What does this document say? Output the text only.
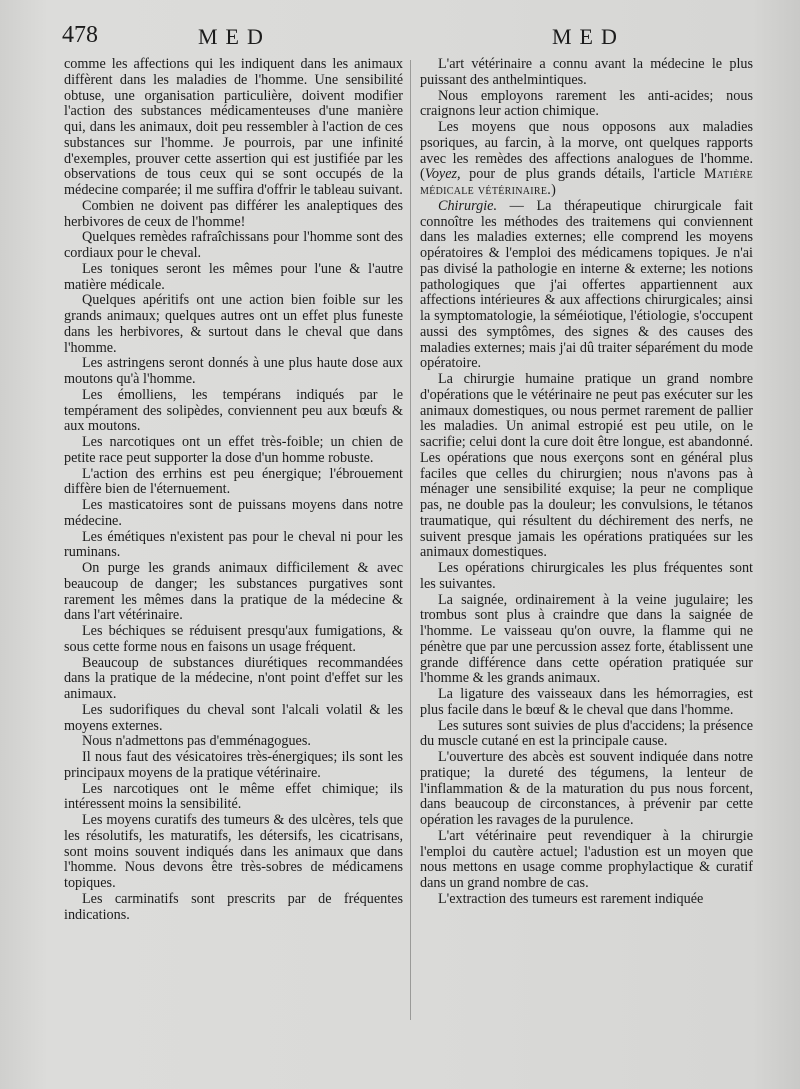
478	MED	MED

comme les affections qui les indiquent dans les animaux diffèrent dans les maladies de l'homme. Une sensibilité obtuse, une organisation particulière, doivent modifier l'action des substances médicamenteuses d'une manière qui, dans les animaux, doit peu ressembler à l'action de ces substances sur l'homme. Je pourrois, par une infinité d'exemples, prouver cette assertion qui est justifiée par les observations de tous ceux qui se sont occupés de la médecine comparée; il me suffira d'offrir le tableau suivant.

Combien ne doivent pas différer les analeptiques des herbivores de ceux de l'homme!

Quelques remèdes rafraîchissans pour l'homme sont des cordiaux pour le cheval.

Les toniques seront les mêmes pour l'une & l'autre matière médicale.

Quelques apéritifs ont une action bien foible sur les grands animaux; quelques autres ont un effet plus funeste dans les herbivores, & surtout dans le cheval que dans l'homme.

Les astringens seront donnés à une plus haute dose aux moutons qu'à l'homme.

Les émolliens, les tempérans indiqués par le tempérament des solipèdes, conviennent peu aux bœufs & aux moutons.

Les narcotiques ont un effet très-foible; un chien de petite race peut supporter la dose d'un homme robuste.

L'action des errhins est peu énergique; l'ébrouement diffère bien de l'éternuement.

Les masticatoires sont de puissans moyens dans notre médecine.

Les émétiques n'existent pas pour le cheval ni pour les ruminans.

On purge les grands animaux difficilement & avec beaucoup de danger; les substances purgatives sont rarement les mêmes dans la pratique de la médecine & dans l'art vétérinaire.

Les béchiques se réduisent presqu'aux fumigations, & sous cette forme nous en faisons un usage fréquent.

Beaucoup de substances diurétiques recommandées dans la pratique de la médecine, n'ont point d'effet sur les animaux.

Les sudorifiques du cheval sont l'alcali volatil & les moyens externes.

Nous n'admettons pas d'emménagogues.

Il nous faut des vésicatoires très-énergiques; ils sont les principaux moyens de la pratique vétérinaire.

Les narcotiques ont le même effet chimique; ils intéressent moins la sensibilité.

Les moyens curatifs des tumeurs & des ulcères, tels que les résolutifs, les maturatifs, les détersifs, les cicatrisans, sont moins souvent indiqués dans les animaux que dans l'homme. Nous devons être très-sobres de médicamens topiques.

Les carminatifs sont prescrits par de fréquentes indications.

L'art vétérinaire a connu avant la médecine le plus puissant des anthelmintiques.

Nous employons rarement les anti-acides; nous craignons leur action chimique.

Les moyens que nous opposons aux maladies psoriques, au farcin, à la morve, ont quelques rapports avec les remèdes des affections analogues de l'homme. (Voyez, pour de plus grands détails, l'article Matière médicale vétérinaire.)

Chirurgie. — La thérapeutique chirurgicale fait connoître les méthodes des traitemens qui conviennent dans les maladies externes; elle comprend les moyens opératoires & l'emploi des médicamens topiques. Je n'ai pas divisé la pathologie en interne & externe; les notions pathologiques que j'ai offertes appartiennent aux affections intérieures & aux affections chirurgicales; ainsi la symptomatologie, la séméiotique, l'étiologie, s'occupent aussi des symptômes, des signes & des causes des maladies externes; mais j'ai dû traiter séparément du mode opératoire.

La chirurgie humaine pratique un grand nombre d'opérations que le vétérinaire ne peut pas exécuter sur les animaux domestiques, ou nous permet rarement de pallier les maladies. Un animal estropié est peu utile, on le sacrifie; celui dont la cure doit être longue, est abandonné. Les opérations que nous exerçons sont en général plus faciles que celles du chirurgien; nous n'avons pas à ménager une sensibilité exquise; la peur ne complique pas, ne double pas la douleur; les convulsions, le tétanos traumatique, qui résultent du déchirement des nerfs, ne suivent presque jamais les opérations pratiquées sur les animaux domestiques.

Les opérations chirurgicales les plus fréquentes sont les suivantes.

La saignée, ordinairement à la veine jugulaire; les trombus sont plus à craindre que dans la saignée de l'homme. Le vaisseau qu'on ouvre, la flamme qui ne pénètre que par une percussion assez forte, établissent une grande différence dans cette opération pratiquée sur l'homme & les grands animaux.

La ligature des vaisseaux dans les hémorragies, est plus facile dans le bœuf & le cheval que dans l'homme.

Les sutures sont suivies de plus d'accidens; la présence du muscle cutané en est la principale cause.

L'ouverture des abcès est souvent indiquée dans notre pratique; la dureté des tégumens, la lenteur de l'inflammation & de la maturation du pus nous forcent, dans beaucoup de circonstances, à prévenir par cette opération les ravages de la purulence.

L'art vétérinaire peut revendiquer à la chirurgie l'emploi du cautère actuel; l'adustion est un moyen que nous mettons en usage comme prophylactique & curatif dans un grand nombre de cas.

L'extraction des tumeurs est rarement indiquée
